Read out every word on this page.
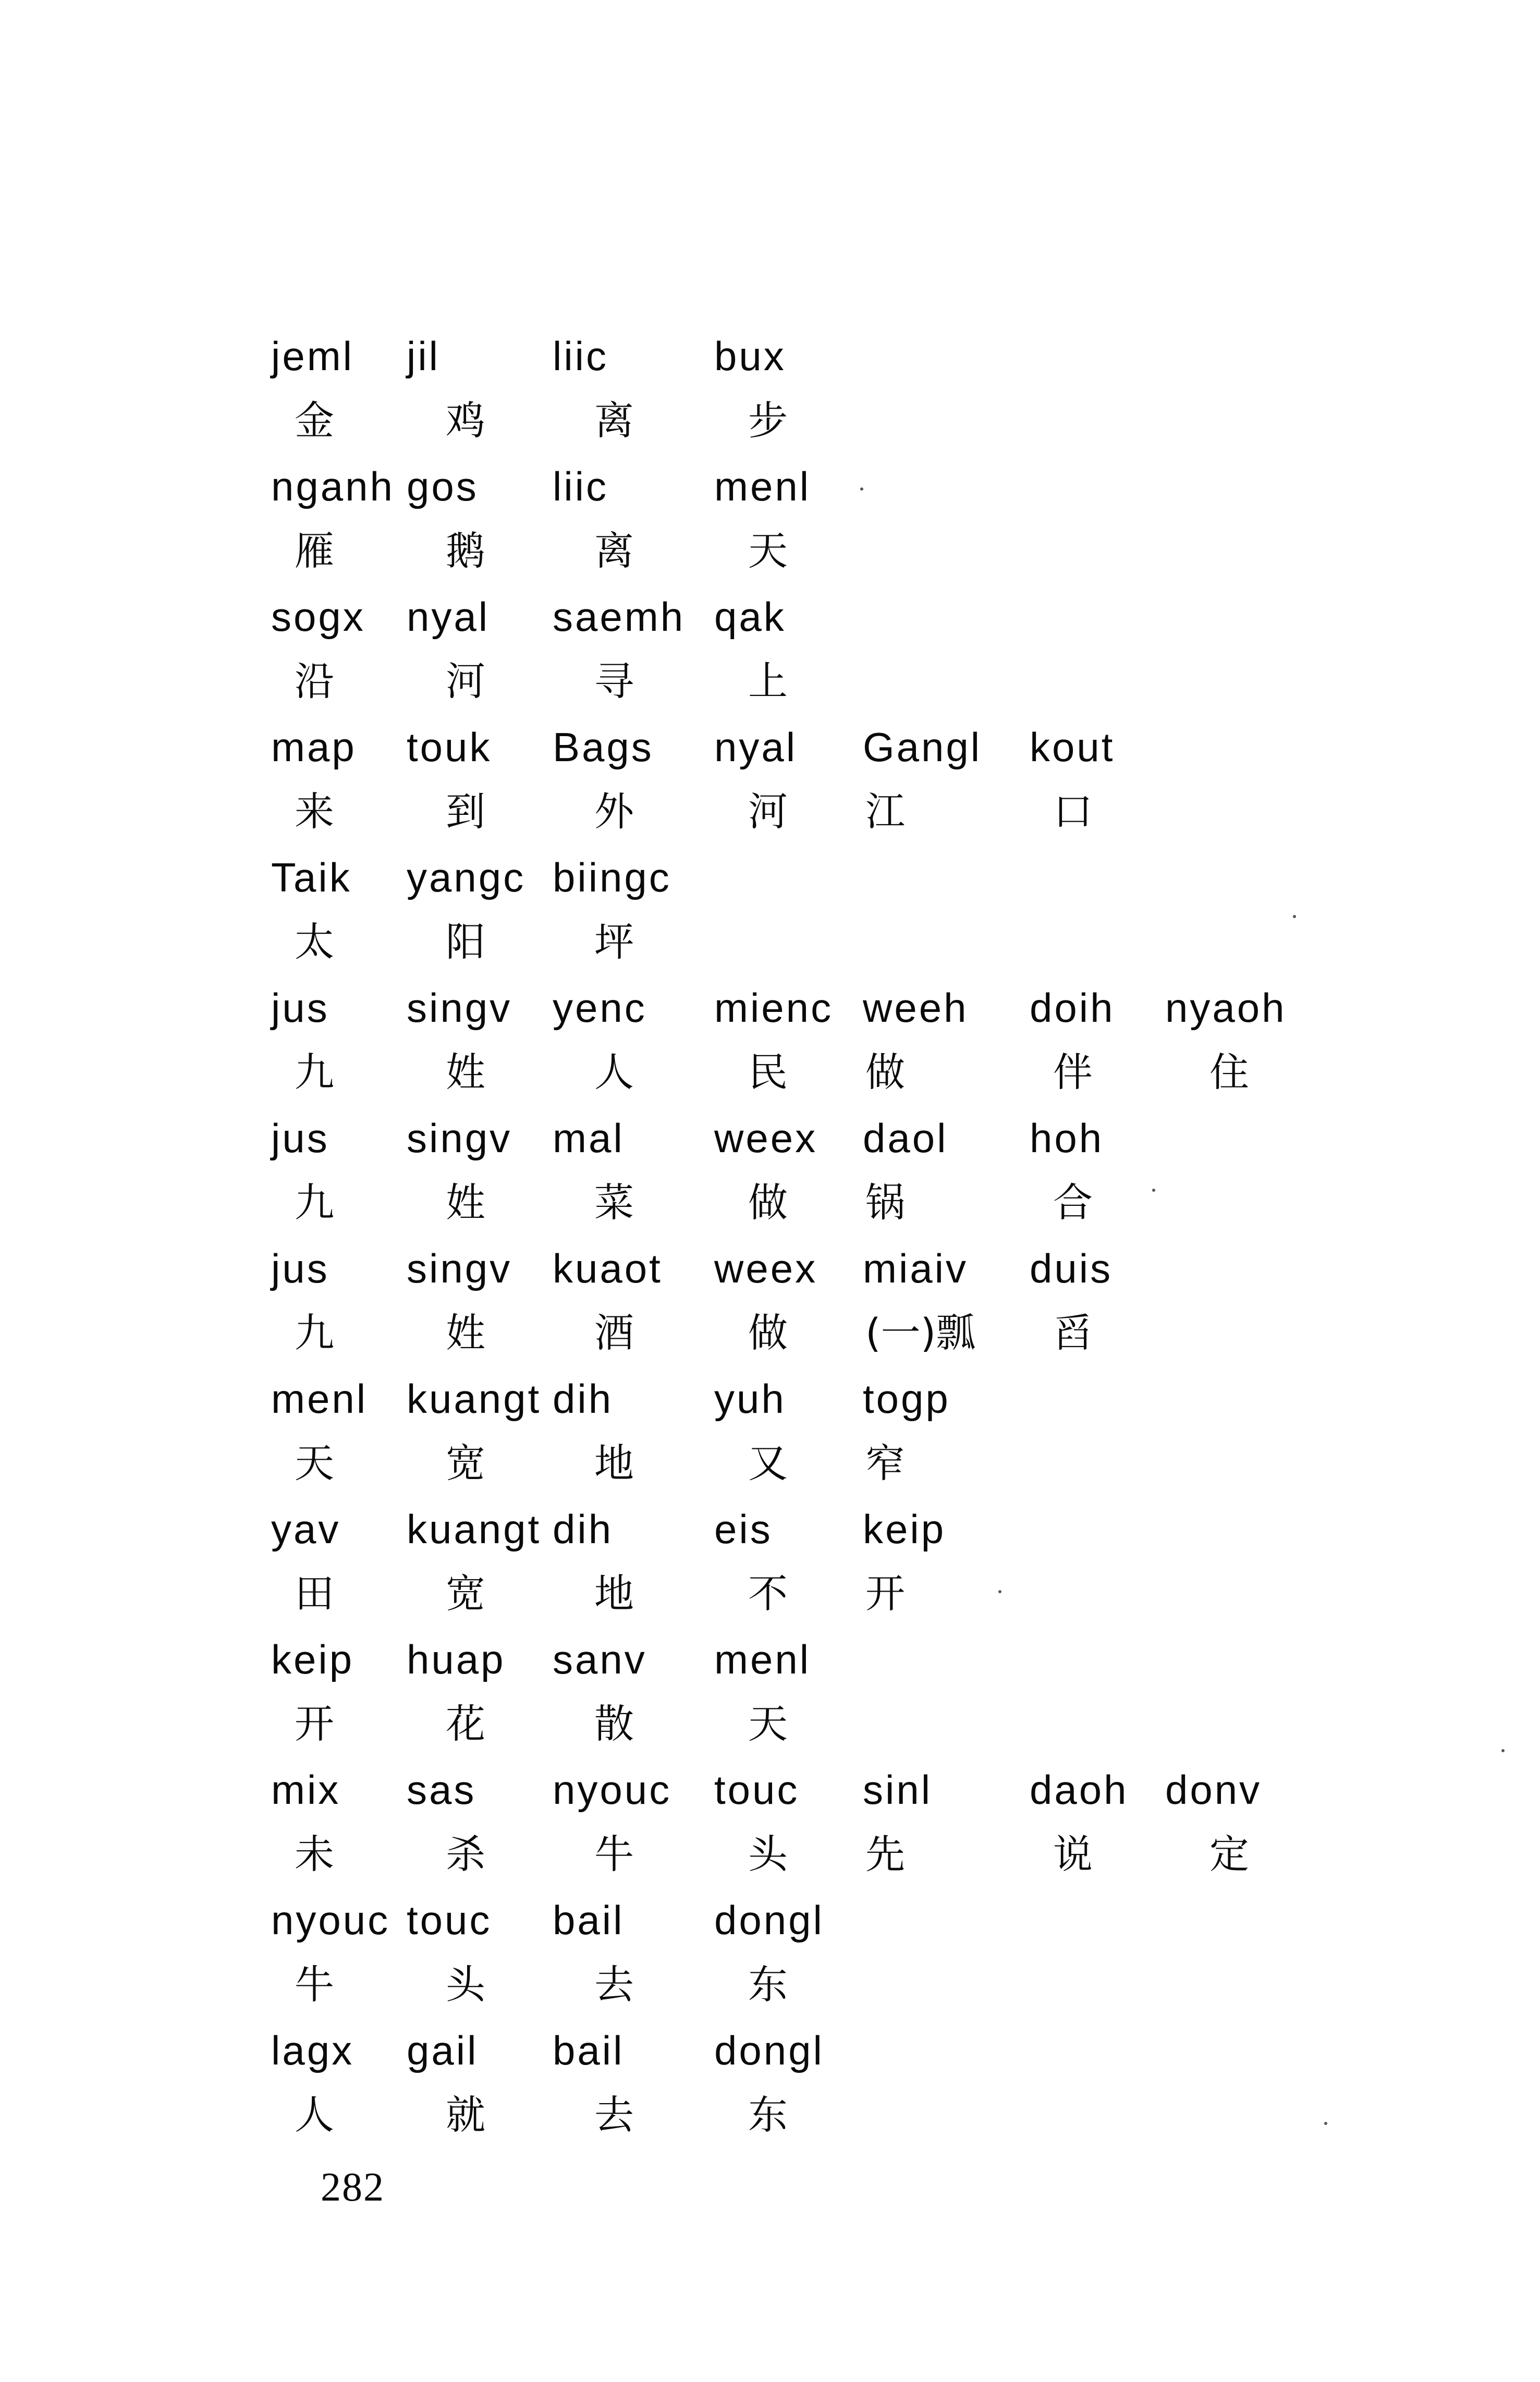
jeml jil	liic	bux
金	鸡	离	步
nganh gos liic	menl
雁	鹅	离	天
sogx nyal saemh qak
沿	河	寻	上
map touk Bags nyal Gangl kout
来	到	外	河 江	口
Taik yangc biingc
太	阳	坪
jus singv yenc mienc weeh doih nyaoh
九	姓	人	民 做	伴	住
jus singv mal weex daol hoh
九	姓	菜	做 锅	合
jus singv kuaot weex miaiv duis
九	姓	酒	做 (一)瓢 舀
menl kuangt dih yuh togp
天	宽	地	又 窄
yav kuangt dih eis keip
田	宽	地	不 开
keip huap sanv menl
开	花	散	天
mix sas nyouc touc sinl daoh donv
未	杀	牛	头 先	说	定
nyouc touc bail dongl
牛	头	去	东
lagx gail bail dongl
人	就	去	东
282
